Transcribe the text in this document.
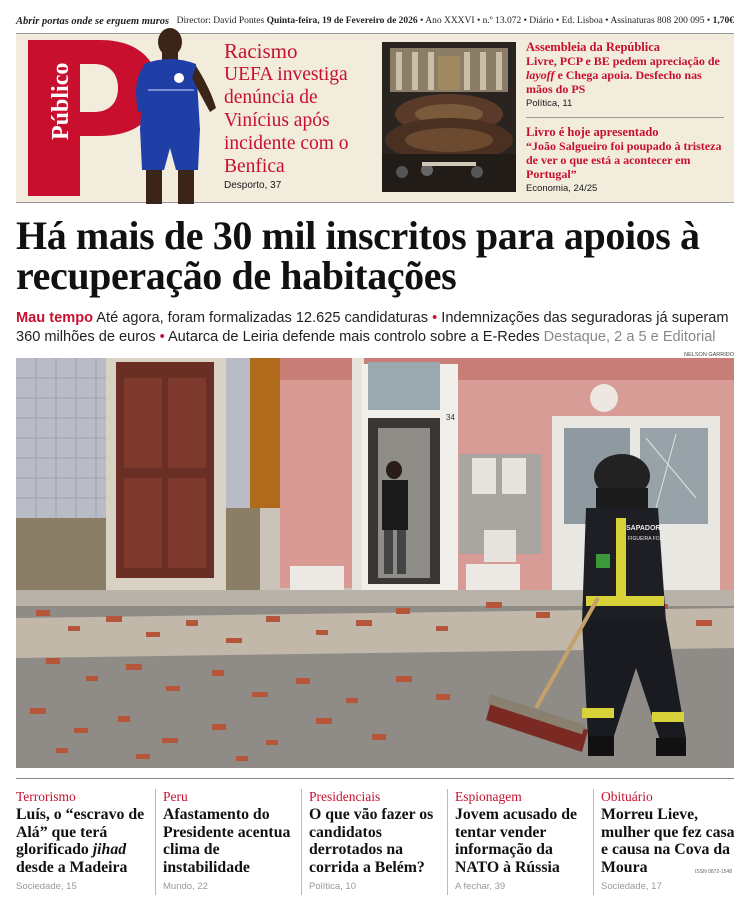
Abrir portas onde se erguem muros Director: David Pontes Quinta-feira, 19 de Fevereiro de 2026 • Ano XXXVI • n.º 13.072 • Diário • Ed. Lisboa • Assinaturas 808 200 095 • 1,70€
Público
Racismo
UEFA investiga denúncia de Vinícius após incidente com o Benfica
Desporto, 37
Assembleia da República
Livre, PCP e BE pedem apreciação de layoff e Chega apoia. Desfecho nas mãos do PS
Política, 11
Livro é hoje apresentado
“João Salgueiro foi poupado à tristeza de ver o que está a acontecer em Portugal”
Economia, 24/25
Há mais de 30 mil inscritos para apoios à recuperação de habitações
Mau tempo Até agora, foram formalizadas 12.625 candidaturas • Indemnizações das seguradoras já superam 360 milhões de euros • Autarca de Leiria defende mais controlo sobre a E-Redes Destaque, 2 a 5 e Editorial
NELSON GARRIDO
34
SAPADORES
FIGUEIRA FOZ
Terrorismo
Luís, o “escravo de Alá” que terá glorificado jihad desde a Madeira
Sociedade, 15
Peru
Afastamento do Presidente acentua clima de instabilidade
Mundo, 22
Presidenciais
O que vão fazer os candidatos derrotados na corrida a Belém?
Política, 10
Espionagem
Jovem acusado de tentar vender informação da NATO à Rússia
A fechar, 39
Obituário
Morreu Lieve, mulher que fez casa e causa na Cova da Moura
Sociedade, 17
ISSN 0872-1548
